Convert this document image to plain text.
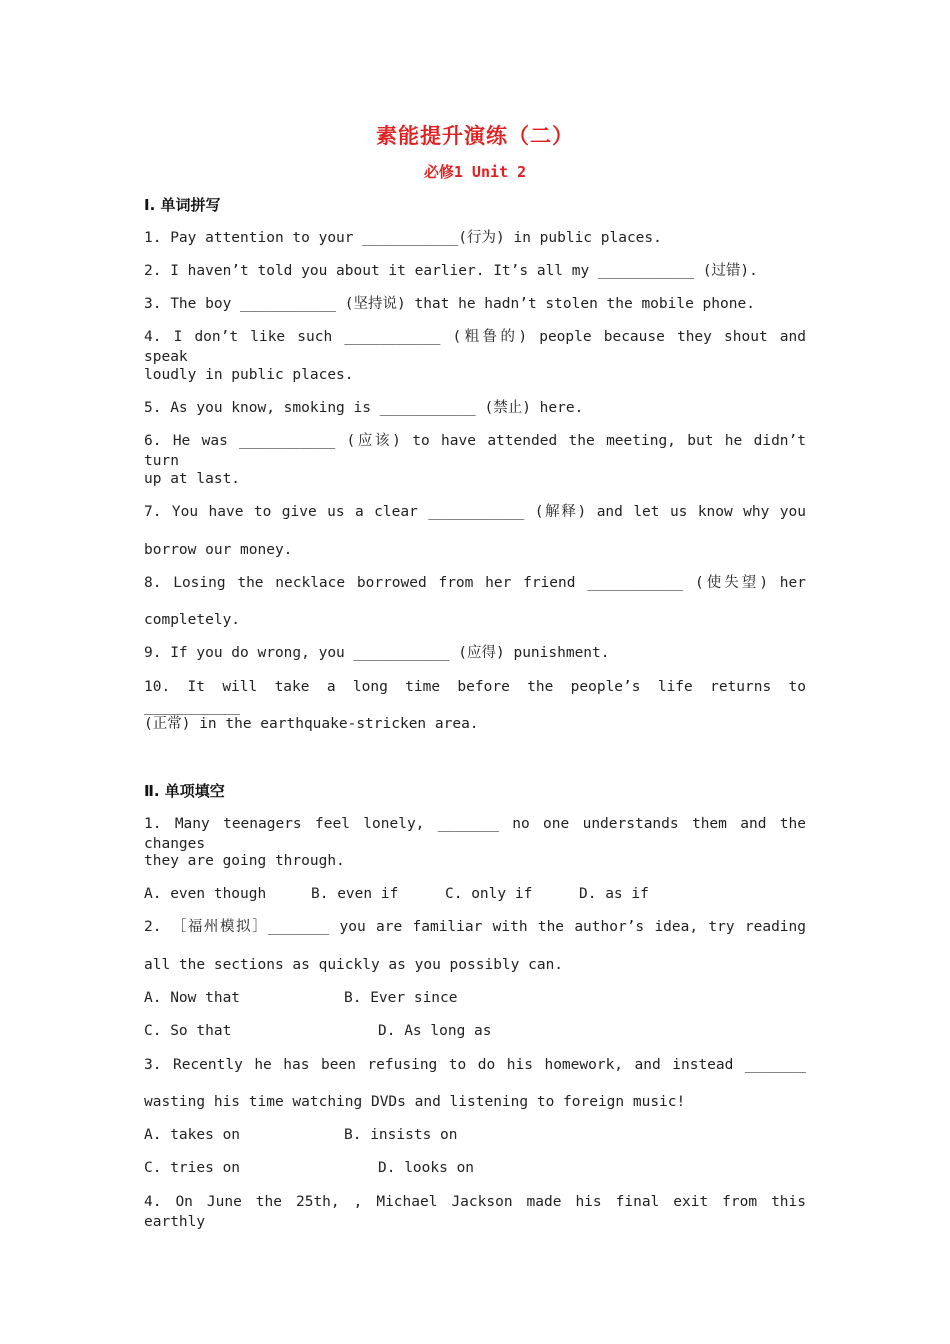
素能提升演练（二）
必修1 Unit 2
Ⅰ. 单词拼写
1. Pay attention to your ___________(行为) in public places.
2. I haven’t told you about it earlier. It’s all my ___________ (过错).
3. The boy ___________ (坚持说) that he hadn’t stolen the mobile phone.
4. I don’t like such ___________ (粗鲁的) people because they shout and speak
loudly in public places.
5. As you know, smoking is ___________ (禁止) here.
6. He was ___________ (应该) to have attended the meeting, but he didn’t turn
up at last.
7. You have to give us a clear ___________ (解释) and let us know why you
borrow our money.
8. Losing the necklace borrowed from her friend ___________ (使失望) her
completely.
9. If you do wrong, you ___________ (应得) punishment.
10. It will take a long time before the people’s life returns to ___________
(正常) in the earthquake-stricken area.
Ⅱ. 单项填空
1. Many teenagers feel lonely, _______ no one understands them and the changes
they are going through.
A. even though	B. even if	C. only if	D. as if
2. ［福州模拟］_______ you are familiar with the author’s idea, try reading
all the sections as quickly as you possibly can.
A. Now that	B. Ever since
C. So that	D. As long as
3. Recently he has been refusing to do his homework, and instead _______
wasting his time watching DVDs and listening to foreign music!
A. takes on	B. insists on
C. tries on	D. looks on
4. On June the 25th, , Michael Jackson made his final exit from this earthly
